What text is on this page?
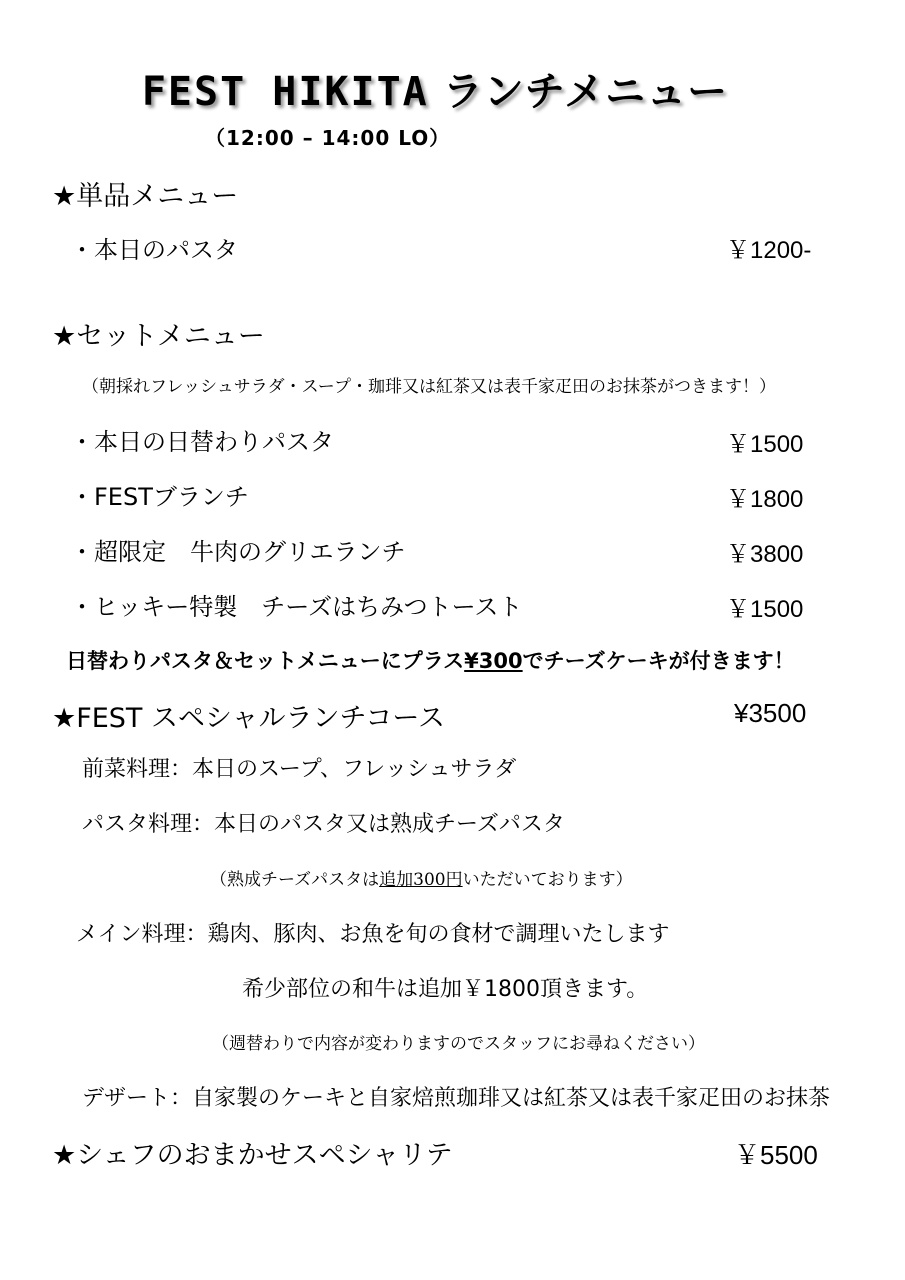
FEST HIKITA ランチメニュー
（12:00 – 14:00 LO）
★単品メニュー
・本日のパスタ	￥1200-
★セットメニュー
（朝採れフレッシュサラダ・スープ・珈琲又は紅茶又は表千家疋田のお抹茶がつきます！）
・本日の日替わりパスタ	￥1500
・FESTブランチ	￥1800
・超限定　牛肉のグリエランチ	￥3800
・ヒッキー特製　チーズはちみつトースト	￥1500
日替わりパスタ＆セットメニューにプラス¥300でチーズケーキが付きます！
★FEST スペシャルランチコース	¥3500
前菜料理：本日のスープ、フレッシュサラダ
パスタ料理：本日のパスタ又は熟成チーズパスタ
（熟成チーズパスタは追加300円いただいております）
メイン料理：鶏肉、豚肉、お魚を旬の食材で調理いたします
希少部位の和牛は追加￥1800頂きます。
（週替わりで内容が変わりますのでスタッフにお尋ねください）
デザート：自家製のケーキと自家焙煎珈琲又は紅茶又は表千家疋田のお抹茶
★シェフのおまかせスペシャリテ	￥5500
